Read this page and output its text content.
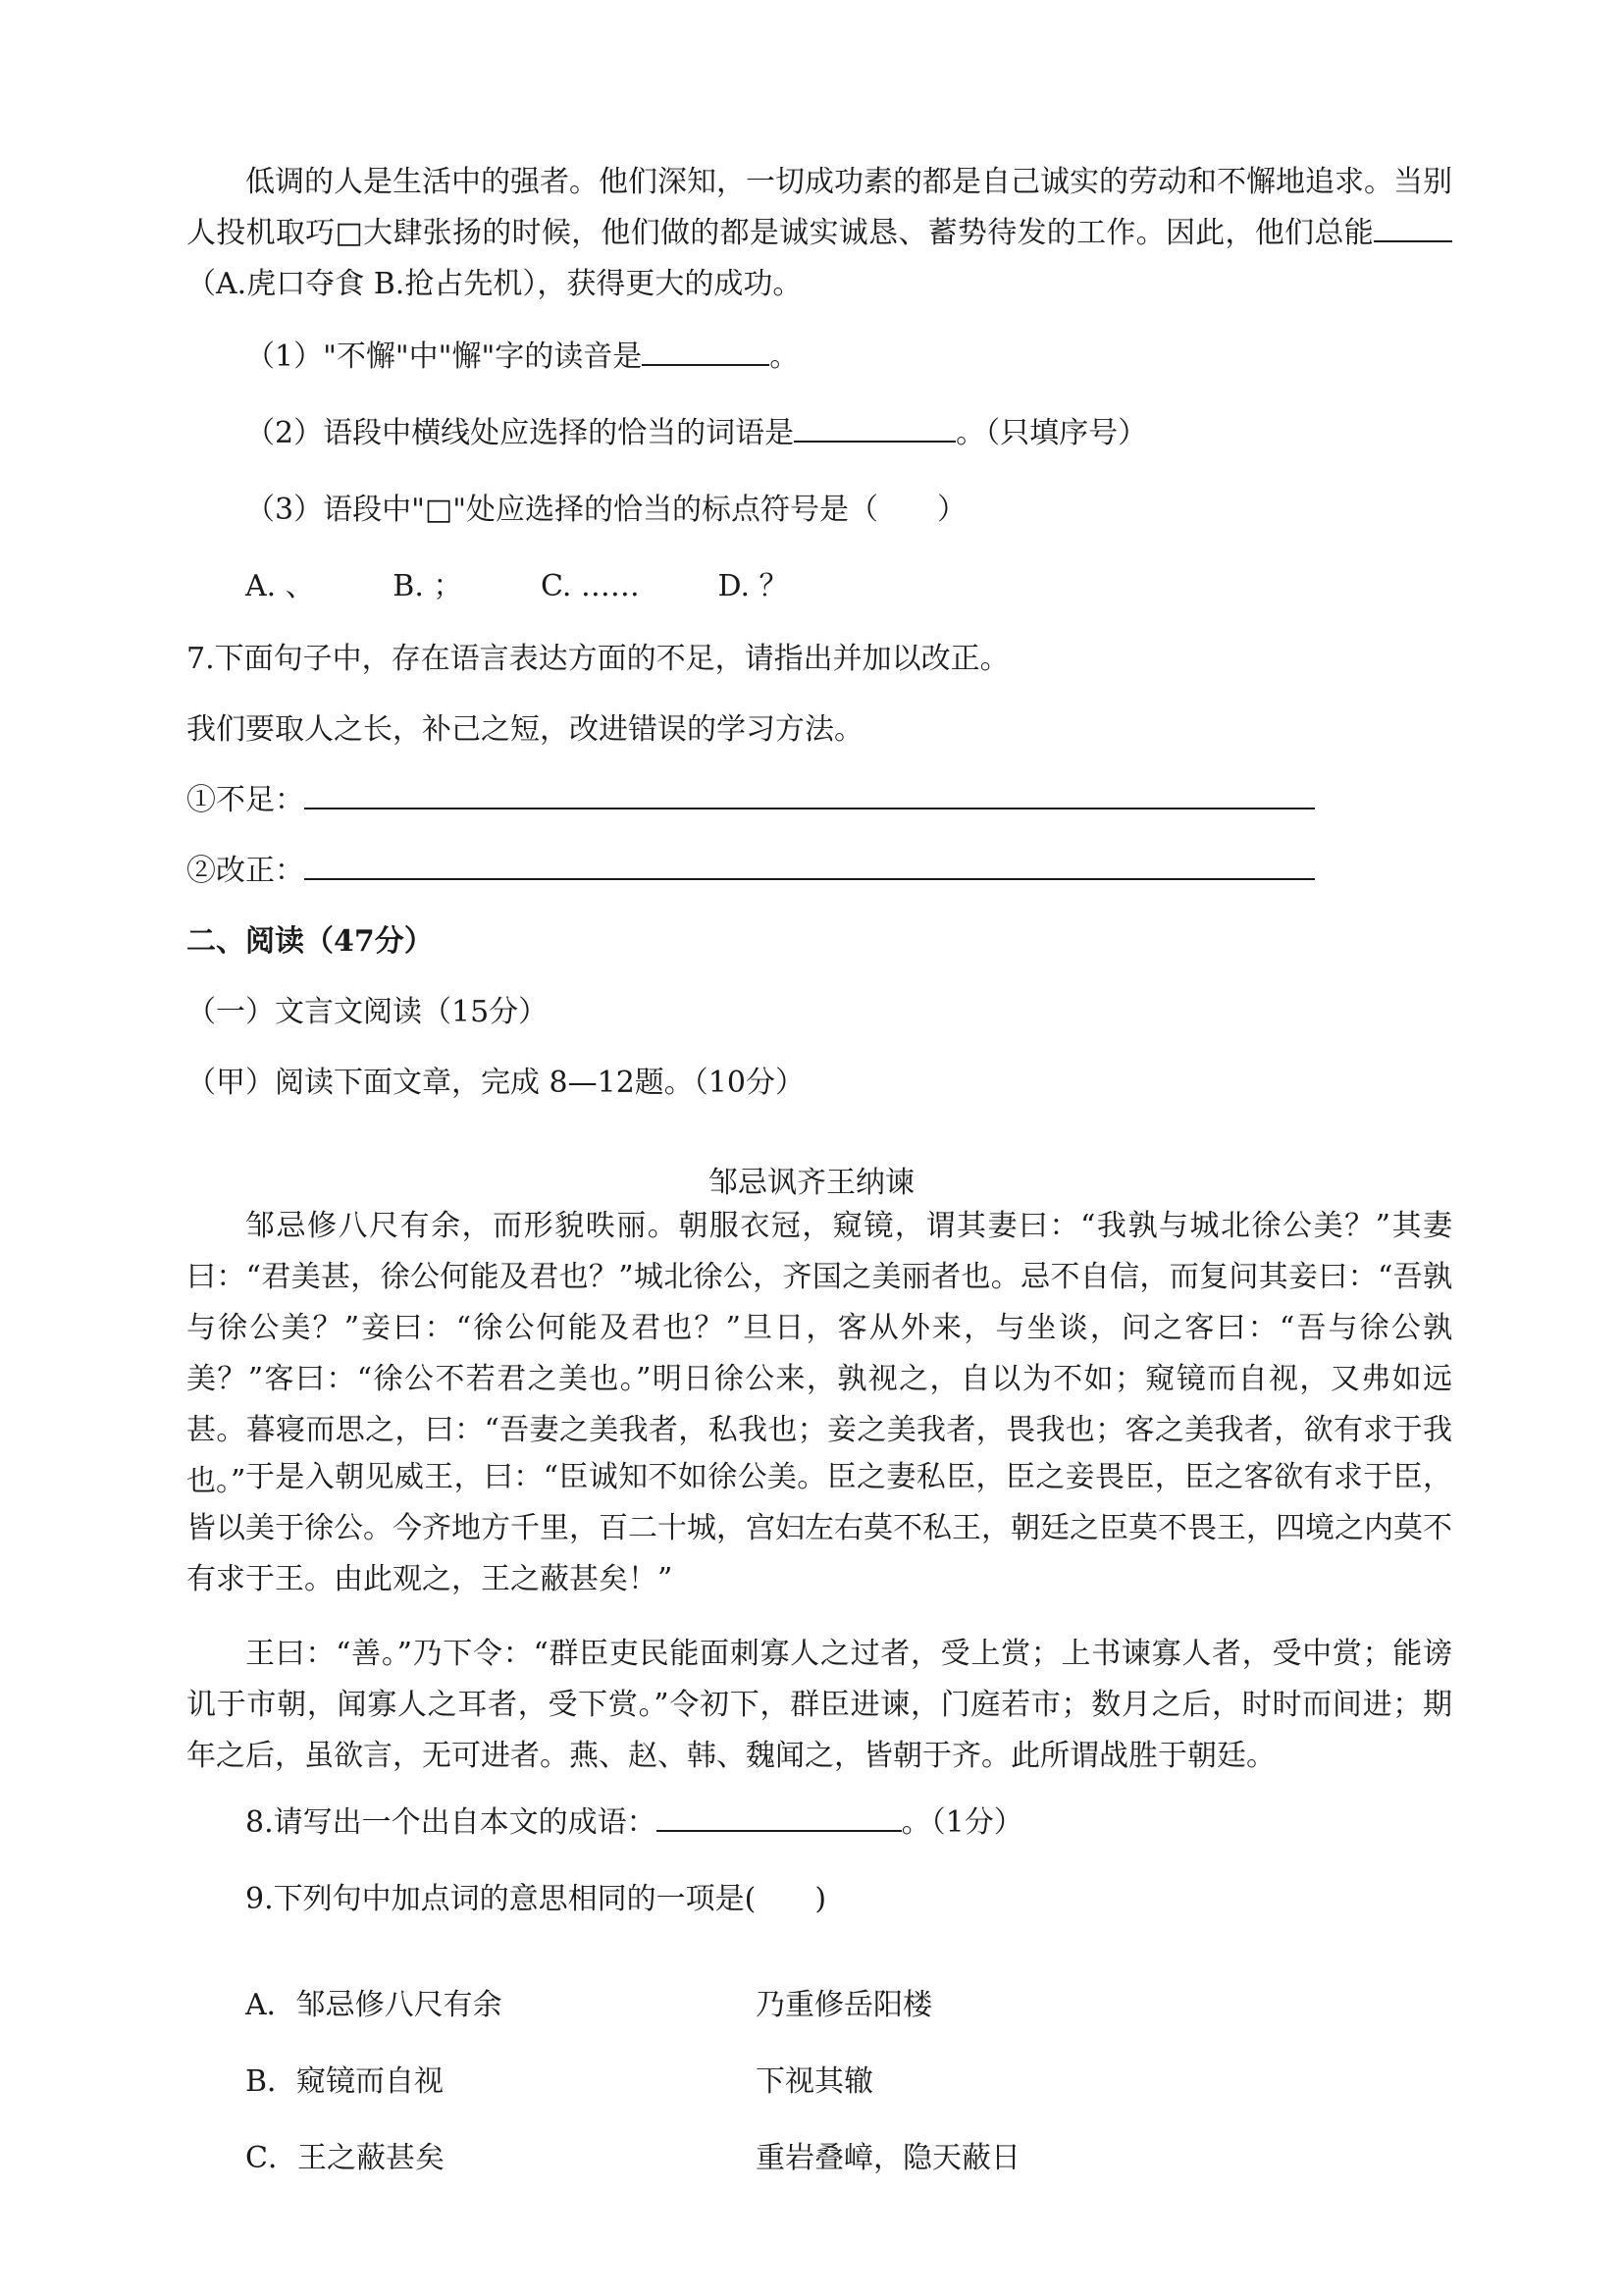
低调的人是生活中的强者。他们深知，一切成功素的都是自己诚实的劳动和不懈地追求。当别人投机取巧□大肆张扬的时候，他们做的都是诚实诚恳、蓄势待发的工作。因此，他们总能（A.虎口夺食 B.抢占先机），获得更大的成功。

（1）"不懈"中"懈"字的读音是	。

（2）语段中横线处应选择的恰当的词语是	。（只填序号）

（3）语段中"□"处应选择的恰当的标点符号是（　　）

A. 、	B. ；	C. ……	D. ？

7.下面句子中，存在语言表达方面的不足，请指出并加以改正。

我们要取人之长，补己之短，改进错误的学习方法。

①不足：

②改正：

二、阅读（47分）

（一）文言文阅读（15分）

（甲）阅读下面文章，完成 8—12题。（10分）

邹忌讽齐王纳谏

邹忌修八尺有余，而形貌昳丽。朝服衣冠，窥镜，谓其妻曰：“我孰与城北徐公美？”其妻曰：“君美甚，徐公何能及君也？”城北徐公，齐国之美丽者也。忌不自信，而复问其妾曰：“吾孰与徐公美？”妾曰：“徐公何能及君也？”旦日，客从外来，与坐谈，问之客曰：“吾与徐公孰美？”客曰：“徐公不若君之美也。”明日徐公来，孰视之，自以为不如；窥镜而自视，又弗如远甚。暮寝而思之，曰：“吾妻之美我者，私我也；妾之美我者，畏我也；客之美我者，欲有求于我也。” 于是入朝见威王，曰：“臣诚知不如徐公美。臣之妻私臣，臣之妾畏臣，臣之客欲有求于臣，皆以美于徐公。今齐地方千里，百二十城，宫妇左右莫不私王，朝廷之臣莫不畏王，四境之内莫不有求于王。由此观之，王之蔽甚矣！”

王曰：“善。”乃下令：“群臣吏民能面刺寡人之过者，受上赏；上书谏寡人者，受中赏；能谤讥于市朝，闻寡人之耳者，受下赏。”令初下，群臣进谏，门庭若市；数月之后，时时而间进；期年之后，虽欲言，无可进者。燕、赵、韩、魏闻之，皆朝于齐。此所谓战胜于朝廷。

8.请写出一个出自本文的成语：	。（1分）

9.下列句中加点词的意思相同的一项是(　　)

A．邹忌修八尺有余	乃重修岳阳楼

B．窥镜而自视	下视其辙

C．王之蔽甚矣	重岩叠嶂，隐天蔽日
